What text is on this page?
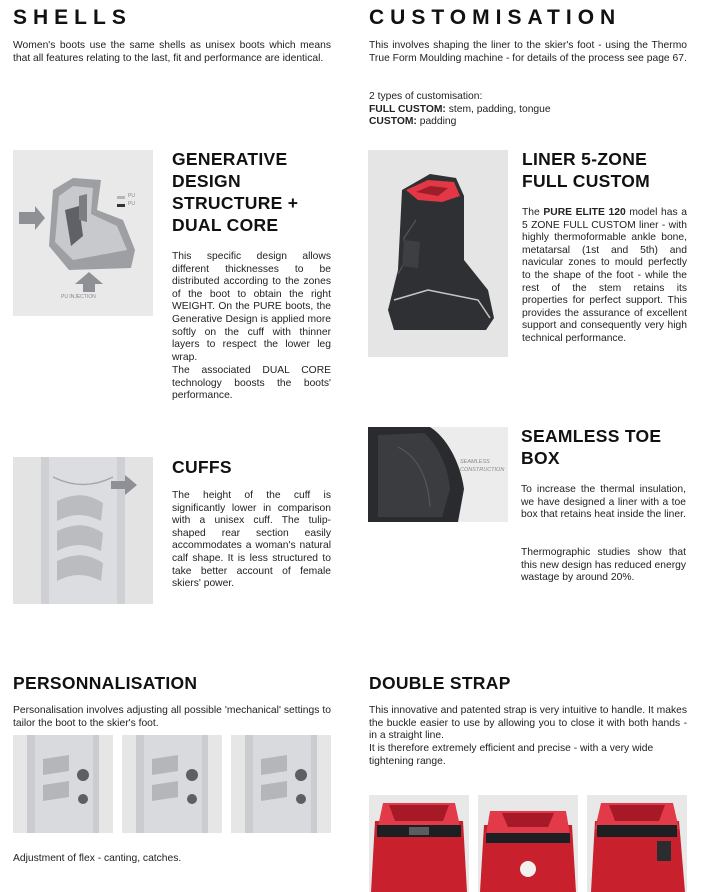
SHELLS

Women's boots use the same shells as unisex boots which means that all features relating to the last, fit and performance are identical.

CUSTOMISATION

This involves shaping the liner to the skier's foot - using the Thermo True Form Moulding machine - for details of the process see page 67.

2 types of customisation:
FULL CUSTOM: stem, padding, tongue
CUSTOM: padding
PU
PU
PU INJECTION
GENERATIVE
DESIGN
STRUCTURE +
DUAL CORE

This specific design allows different thicknesses to be distributed according to the zones of the boot to obtain the right WEIGHT. On the PURE boots, the Generative Design is applied more softly on the cuff with thinner layers to respect the lower leg wrap.

The associated DUAL CORE technology boosts the boots' performance.

LINER 5-ZONE
FULL CUSTOM

The PURE ELITE 120 model has a 5 ZONE FULL CUSTOM liner - with highly thermoformable ankle bone, metatarsal (1st and 5th) and navicular zones to mould perfectly to the shape of the foot - while the rest of the stem retains its properties for perfect support. This provides the assurance of excellent support and consequently very high technical performance.

CUFFS

The height of the cuff is significantly lower in comparison with a unisex cuff. The tulip-shaped rear section easily accommodates a woman's natural calf shape. It is less structured to take better account of female skiers' power.

SEAMLESS
CONSTRUCTION
SEAMLESS TOE
BOX

To increase the thermal insulation, we have designed a liner with a toe box that retains heat inside the liner.

Thermographic studies show that this new design has reduced energy wastage by around 20%.

PERSONNALISATION

Personalisation involves adjusting all possible 'mechanical' settings to tailor the boot to the skier's foot.

Adjustment of flex - canting, catches.

DOUBLE STRAP

This innovative and patented strap is very intuitive to handle. It makes the buckle easier to use by allowing you to close it with both hands - in a straight line.

It is therefore extremely efficient and precise - with a very wide tightening range.
